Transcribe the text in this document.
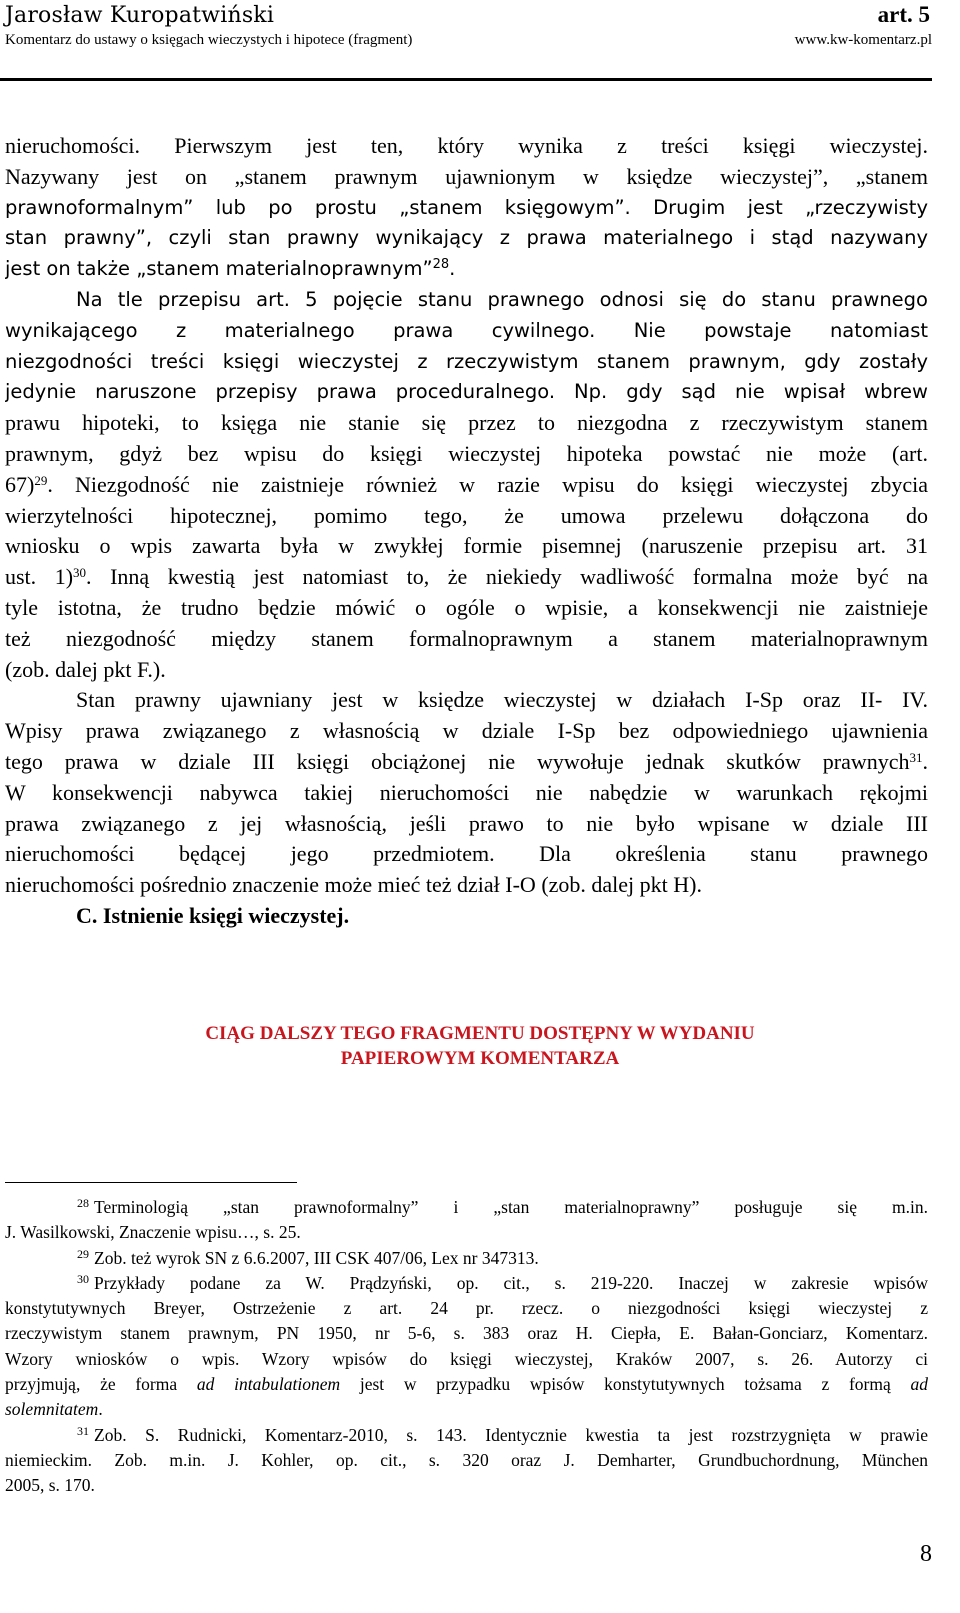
Jarosław Kuropatwiński	art. 5
Komentarz do ustawy o księgach wieczystych i hipotece (fragment)	www.kw-komentarz.pl
nieruchomości. Pierwszym jest ten, który wynika z treści księgi wieczystej.
Nazywany jest on „stanem prawnym ujawnionym w księdze wieczystej”, „stanem
prawnoformalnym” lub po prostu „stanem księgowym”. Drugim jest „rzeczywisty
stan prawny”, czyli stan prawny wynikający z prawa materialnego i stąd nazywany
jest on także „stanem materialnoprawnym”$^{28}$.
Na tle przepisu art. 5 pojęcie stanu prawnego odnosi się do stanu prawnego
wynikającego z materialnego prawa cywilnego. Nie powstaje natomiast
niezgodności treści księgi wieczystej z rzeczywistym stanem prawnym, gdy zostały
jedynie naruszone przepisy prawa proceduralnego. Np. gdy sąd nie wpisał wbrew
prawu hipoteki, to księga nie stanie się przez to niezgodna z rzeczywistym stanem
prawnym, gdyż bez wpisu do księgi wieczystej hipoteka powstać nie może (art.
67)$^{29}$. Niezgodność nie zaistnieje również w razie wpisu do księgi wieczystej zbycia
wierzytelności hipotecznej, pomimo tego, że umowa przelewu dołączona do
wniosku o wpis zawarta była w zwykłej formie pisemnej (naruszenie przepisu art. 31
ust. 1)$^{30}$. Inną kwestią jest natomiast to, że niekiedy wadliwość formalna może być na
tyle istotna, że trudno będzie mówić o ogóle o wpisie, a konsekwencji nie zaistnieje
też niezgodność między stanem formalnoprawnym a stanem materialnoprawnym
(zob. dalej pkt F.).
Stan prawny ujawniany jest w księdze wieczystej w działach I-Sp oraz II- IV.
Wpisy prawa związanego z własnością w dziale I-Sp bez odpowiedniego ujawnienia
tego prawa w dziale III księgi obciążonej nie wywołuje jednak skutków prawnych$^{31}$.
W konsekwencji nabywca takiej nieruchomości nie nabędzie w warunkach rękojmi
prawa związanego z jej własnością, jeśli prawo to nie było wpisane w dziale III
nieruchomości będącej jego przedmiotem. Dla określenia stanu prawnego
nieruchomości pośrednio znaczenie może mieć też dział I-O (zob. dalej pkt H).
C. Istnienie księgi wieczystej.
CIĄG DALSZY TEGO FRAGMENTU DOSTĘPNY W WYDANIU
PAPIEROWYM KOMENTARZA
$^{28}$ Terminologią „stan prawnoformalny” i „stan materialnoprawny” posługuje się m.in.
J. Wasilkowski, Znaczenie wpisu…, s. 25.
$^{29}$ Zob. też wyrok SN z 6.6.2007, III CSK 407/06, Lex nr 347313.
$^{30}$ Przykłady podane za W. Prądzyński, op. cit., s. 219-220. Inaczej w zakresie wpisów
konstytutywnych Breyer, Ostrzeżenie z art. 24 pr. rzecz. o niezgodności księgi wieczystej z
rzeczywistym stanem prawnym, PN 1950, nr 5-6, s. 383 oraz H. Ciepła, E. Bałan-Gonciarz, Komentarz.
Wzory wniosków o wpis. Wzory wpisów do księgi wieczystej, Kraków 2007, s. 26. Autorzy ci
przyjmują, że forma ad intabulationem jest w przypadku wpisów konstytutywnych tożsama z formą ad
solemnitatem.
$^{31}$ Zob. S. Rudnicki, Komentarz-2010, s. 143. Identycznie kwestia ta jest rozstrzygnięta w prawie
niemieckim. Zob. m.in. J. Kohler, op. cit., s. 320 oraz J. Demharter, Grundbuchordnung, München
2005, s. 170.
8
